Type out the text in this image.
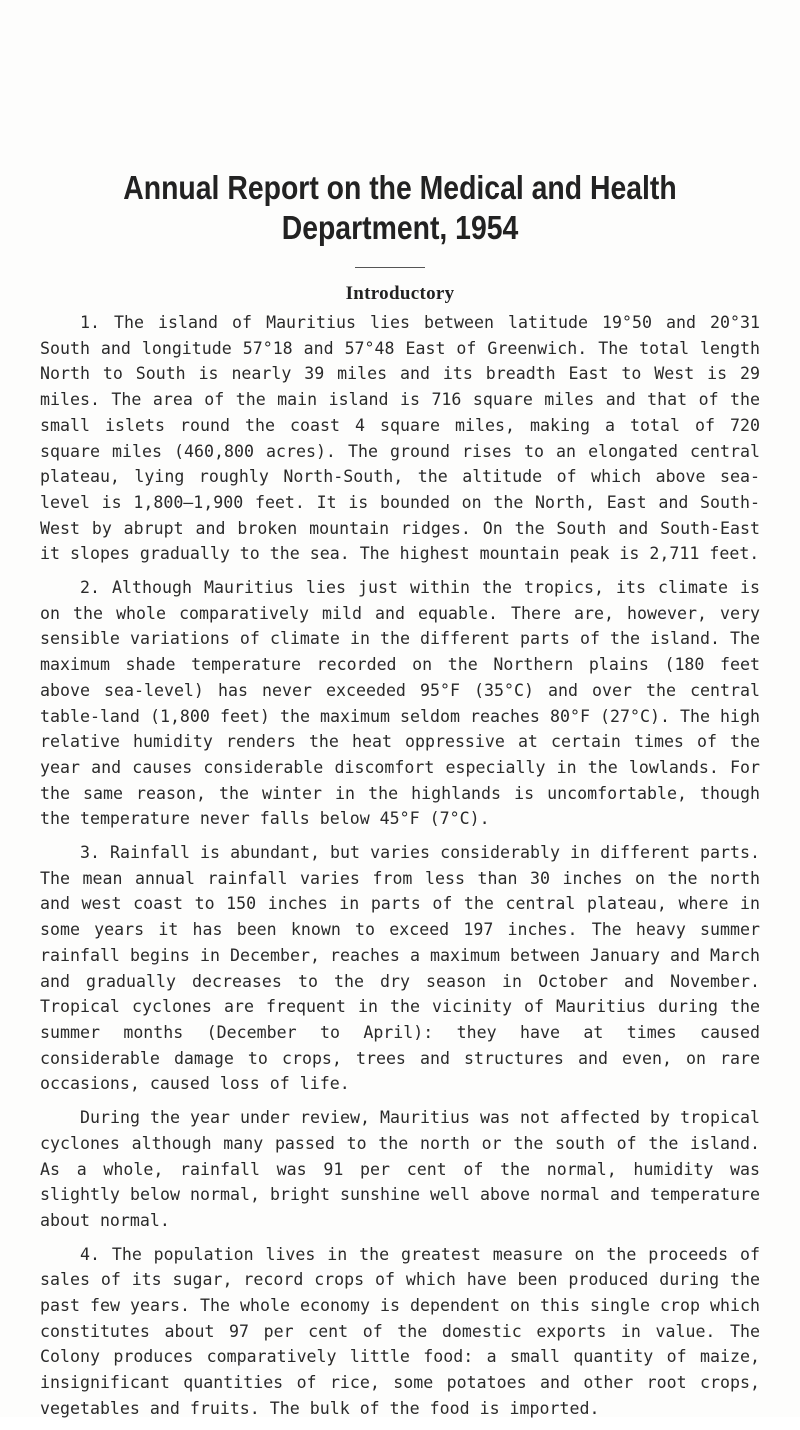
Annual Report on the Medical and Health
Department, 1954
Introductory

1. The island of Mauritius lies between latitude 19°50 and 20°31 South and longitude 57°18 and 57°48 East of Greenwich. The total length North to South is nearly 39 miles and its breadth East to West is 29 miles. The area of the main island is 716 square miles and that of the small islets round the coast 4 square miles, making a total of 720 square miles (460,800 acres). The ground rises to an elongated central plateau, lying roughly North-South, the altitude of which above sea-level is 1,800—1,900 feet. It is bounded on the North, East and South-West by abrupt and broken mountain ridges. On the South and South-East it slopes gradually to the sea. The highest mountain peak is 2,711 feet.

2. Although Mauritius lies just within the tropics, its climate is on the whole comparatively mild and equable. There are, however, very sensible variations of climate in the different parts of the island. The maximum shade temperature recorded on the Northern plains (180 feet above sea-level) has never exceeded 95°F (35°C) and over the central table-land (1,800 feet) the maximum seldom reaches 80°F (27°C). The high relative humidity renders the heat oppressive at certain times of the year and causes considerable discomfort especially in the lowlands. For the same reason, the winter in the highlands is uncomfortable, though the temperature never falls below 45°F (7°C).

3. Rainfall is abundant, but varies considerably in different parts. The mean annual rainfall varies from less than 30 inches on the north and west coast to 150 inches in parts of the central plateau, where in some years it has been known to exceed 197 inches. The heavy summer rainfall begins in December, reaches a maximum between January and March and gradually decreases to the dry season in October and November. Tropical cyclones are frequent in the vicinity of Mauritius during the summer months (December to April): they have at times caused considerable damage to crops, trees and structures and even, on rare occasions, caused loss of life.

During the year under review, Mauritius was not affected by tropical cyclones although many passed to the north or the south of the island. As a whole, rainfall was 91 per cent of the normal, humidity was slightly below normal, bright sunshine well above normal and temperature about normal.

4. The population lives in the greatest measure on the proceeds of sales of its sugar, record crops of which have been produced during the past few years. The whole economy is dependent on this single crop which constitutes about 97 per cent of the domestic exports in value. The Colony produces comparatively little food: a small quantity of maize, insignificant quantities of rice, some potatoes and other root crops, vegetables and fruits. The bulk of the food is imported.
